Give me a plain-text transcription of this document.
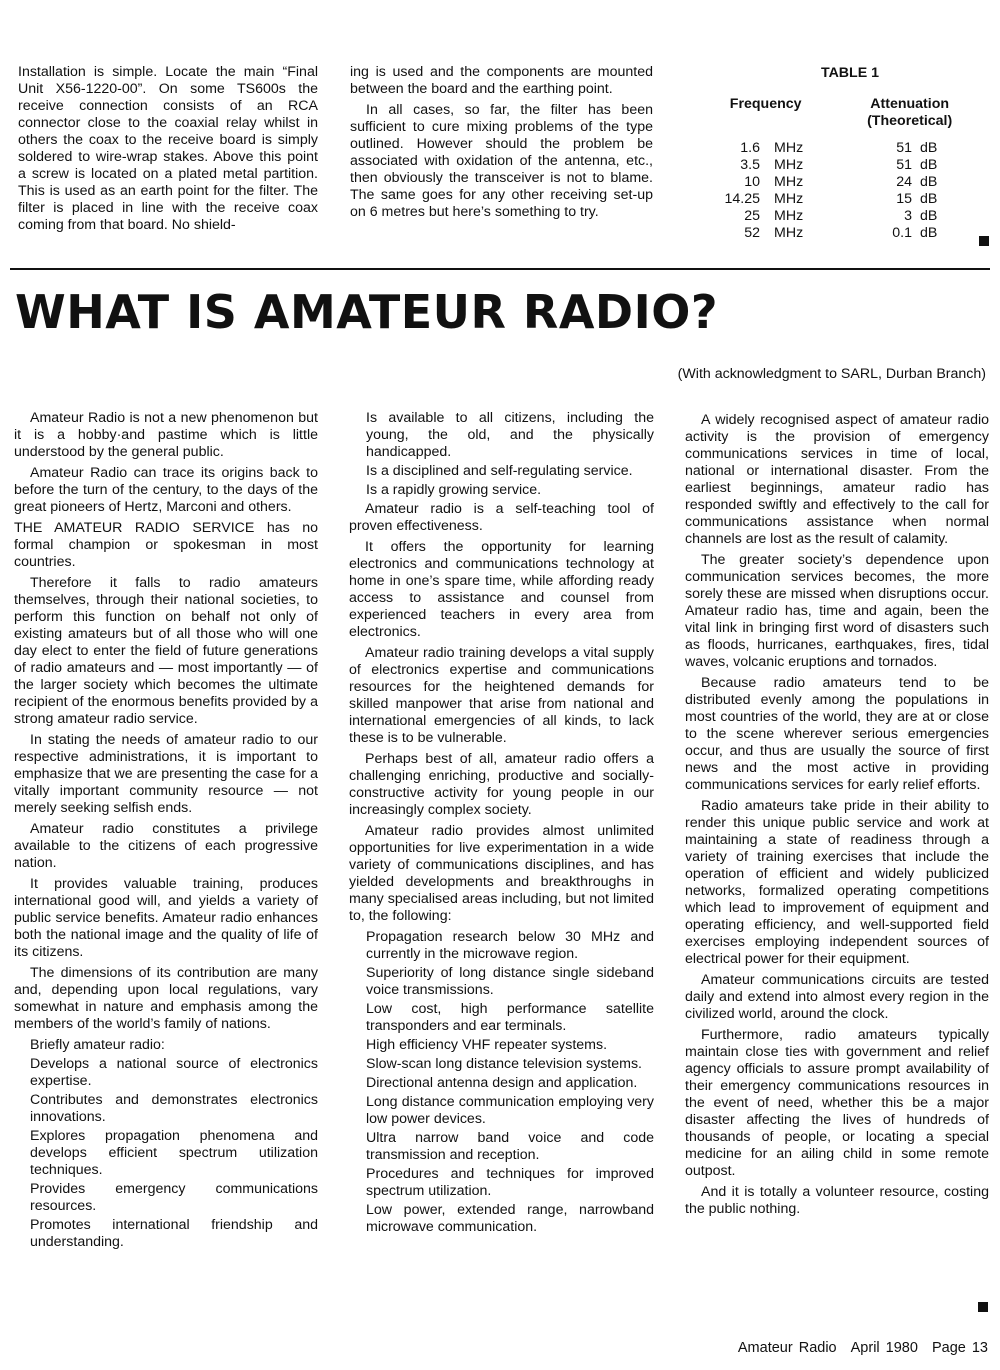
Installation is simple. Locate the main “Final Unit X56-1220-00”. On some TS600s the receive connection consists of an RCA connector close to the coaxial relay whilst in others the coax to the receive board is simply soldered to wire-wrap stakes. Above this point a screw is located on a plated metal partition. This is used as an earth point for the filter. The filter is placed in line with the receive coax coming from that board. No shield-

ing is used and the components are mounted between the board and the earthing point.

In all cases, so far, the filter has been sufficient to cure mixing problems of the type outlined. However should the problem be associated with oxidation of the antenna, etc., then obviously the transceiver is not to blame. The same goes for any other receiving set-up on 6 metres but here’s something to try.

TABLE 1
Frequency	Attenuation (Theoretical)
1.6 MHz	51 dB
3.5 MHz	51 dB
10 MHz	24 dB
14.25 MHz	15 dB
25 MHz	3 dB
52 MHz	0.1 dB
WHAT IS AMATEUR RADIO?
(With acknowledgment to SARL, Durban Branch)

Amateur Radio is not a new phenomenon but it is a hobby·and pastime which is little understood by the general public.

Amateur Radio can trace its origins back to before the turn of the century, to the days of the great pioneers of Hertz, Marconi and others.

THE AMATEUR RADIO SERVICE has no formal champion or spokesman in most countries.

Therefore it falls to radio amateurs themselves, through their national societies, to perform this function on behalf not only of existing amateurs but of all those who will one day elect to enter the field of future generations of radio amateurs and — most importantly — of the larger society which becomes the ultimate recipient of the enormous benefits provided by a strong amateur radio service.

In stating the needs of amateur radio to our respective administrations, it is important to emphasize that we are presenting the case for a vitally important community resource — not merely seeking selfish ends.

Amateur radio constitutes a privilege available to the citizens of each progressive nation.

It provides valuable training, produces international good will, and yields a variety of public service benefits. Amateur radio enhances both the national image and the quality of life of its citizens.

The dimensions of its contribution are many and, depending upon local regulations, vary somewhat in nature and emphasis among the members of the world’s family of nations.

Briefly amateur radio:

Develops a national source of electronics expertise.

Contributes and demonstrates electronics innovations.

Explores propagation phenomena and develops efficient spectrum utilization techniques.

Provides emergency communications resources.

Promotes international friendship and understanding.

Is available to all citizens, including the young, the old, and the physically handicapped.

Is a disciplined and self-regulating service.

Is a rapidly growing service.

Amateur radio is a self-teaching tool of proven effectiveness.

It offers the opportunity for learning electronics and communications technology at home in one’s spare time, while affording ready access to assistance and counsel from experienced teachers in every area from electronics.

Amateur radio training develops a vital supply of electronics expertise and communications resources for the heightened demands for skilled manpower that arise from national and international emergencies of all kinds, to lack these is to be vulnerable.

Perhaps best of all, amateur radio offers a challenging enriching, productive and socially-constructive activity for young people in our increasingly complex society.

Amateur radio provides almost unlimited opportunities for live experimentation in a wide variety of communications disciplines, and has yielded developments and breakthroughs in many specialised areas including, but not limited to, the following:

Propagation research below 30 MHz and currently in the microwave region.

Superiority of long distance single sideband voice transmissions.

Low cost, high performance satellite transponders and ear terminals.

High efficiency VHF repeater systems.

Slow-scan long distance television systems.

Directional antenna design and application.

Long distance communication employing very low power devices.

Ultra narrow band voice and code transmission and reception.

Procedures and techniques for improved spectrum utilization.

Low power, extended range, narrowband microwave communication.

A widely recognised aspect of amateur radio activity is the provision of emergency communications services in time of local, national or international disaster. From the earliest beginnings, amateur radio has responded swiftly and effectively to the call for communications assistance when normal channels are lost as the result of calamity.

The greater society’s dependence upon communication services becomes, the more sorely these are missed when disruptions occur. Amateur radio has, time and again, been the vital link in bringing first word of disasters such as floods, hurricanes, earthquakes, fires, tidal waves, volcanic eruptions and tornados.

Because radio amateurs tend to be distributed evenly among the populations in most countries of the world, they are at or close to the scene wherever serious emergencies occur, and thus are usually the source of first news and the most active in providing communications services for early relief efforts.

Radio amateurs take pride in their ability to render this unique public service and work at maintaining a state of readiness through a variety of training exercises that include the operation of efficient and widely publicized networks, formalized operating competitions which lead to improvement of equipment and operating efficiency, and well-supported field exercises employing independent sources of electrical power for their equipment.

Amateur communications circuits are tested daily and extend into almost every region in the civilized world, around the clock.

Furthermore, radio amateurs typically maintain close ties with government and relief agency officials to assure prompt availability of their emergency communications resources in the event of need, whether this be a major disaster affecting the lives of hundreds of thousands of people, or locating a special medicine for an ailing child in some remote outpost.

And it is totally a volunteer resource, costing the public nothing.

Amateur Radio April 1980 Page 13
